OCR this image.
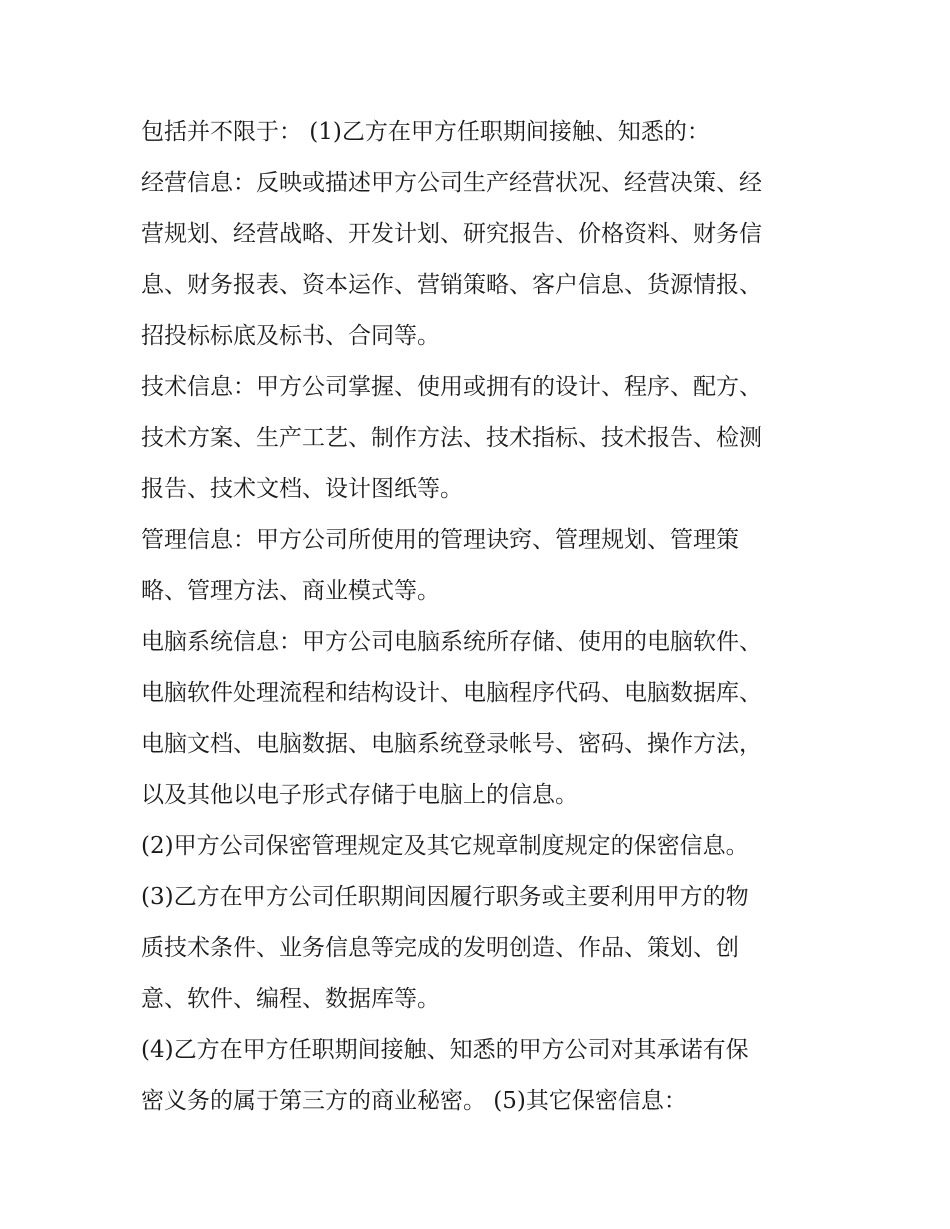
包括并不限于： (1)乙方在甲方任职期间接触、知悉的：

经营信息：反映或描述甲方公司生产经营状况、经营决策、经

营规划、经营战略、开发计划、研究报告、价格资料、财务信

息、财务报表、资本运作、营销策略、客户信息、货源情报、

招投标标底及标书、合同等。

技术信息：甲方公司掌握、使用或拥有的设计、程序、配方、

技术方案、生产工艺、制作方法、技术指标、技术报告、检测

报告、技术文档、设计图纸等。

管理信息：甲方公司所使用的管理诀窍、管理规划、管理策

略、管理方法、商业模式等。

电脑系统信息：甲方公司电脑系统所存储、使用的电脑软件、

电脑软件处理流程和结构设计、电脑程序代码、电脑数据库、

电脑文档、电脑数据、电脑系统登录帐号、密码、操作方法，

以及其他以电子形式存储于电脑上的信息。

(2)甲方公司保密管理规定及其它规章制度规定的保密信息。

(3)乙方在甲方公司任职期间因履行职务或主要利用甲方的物

质技术条件、业务信息等完成的发明创造、作品、策划、创

意、软件、编程、数据库等。

(4)乙方在甲方任职期间接触、知悉的甲方公司对其承诺有保

密义务的属于第三方的商业秘密。 (5)其它保密信息：
